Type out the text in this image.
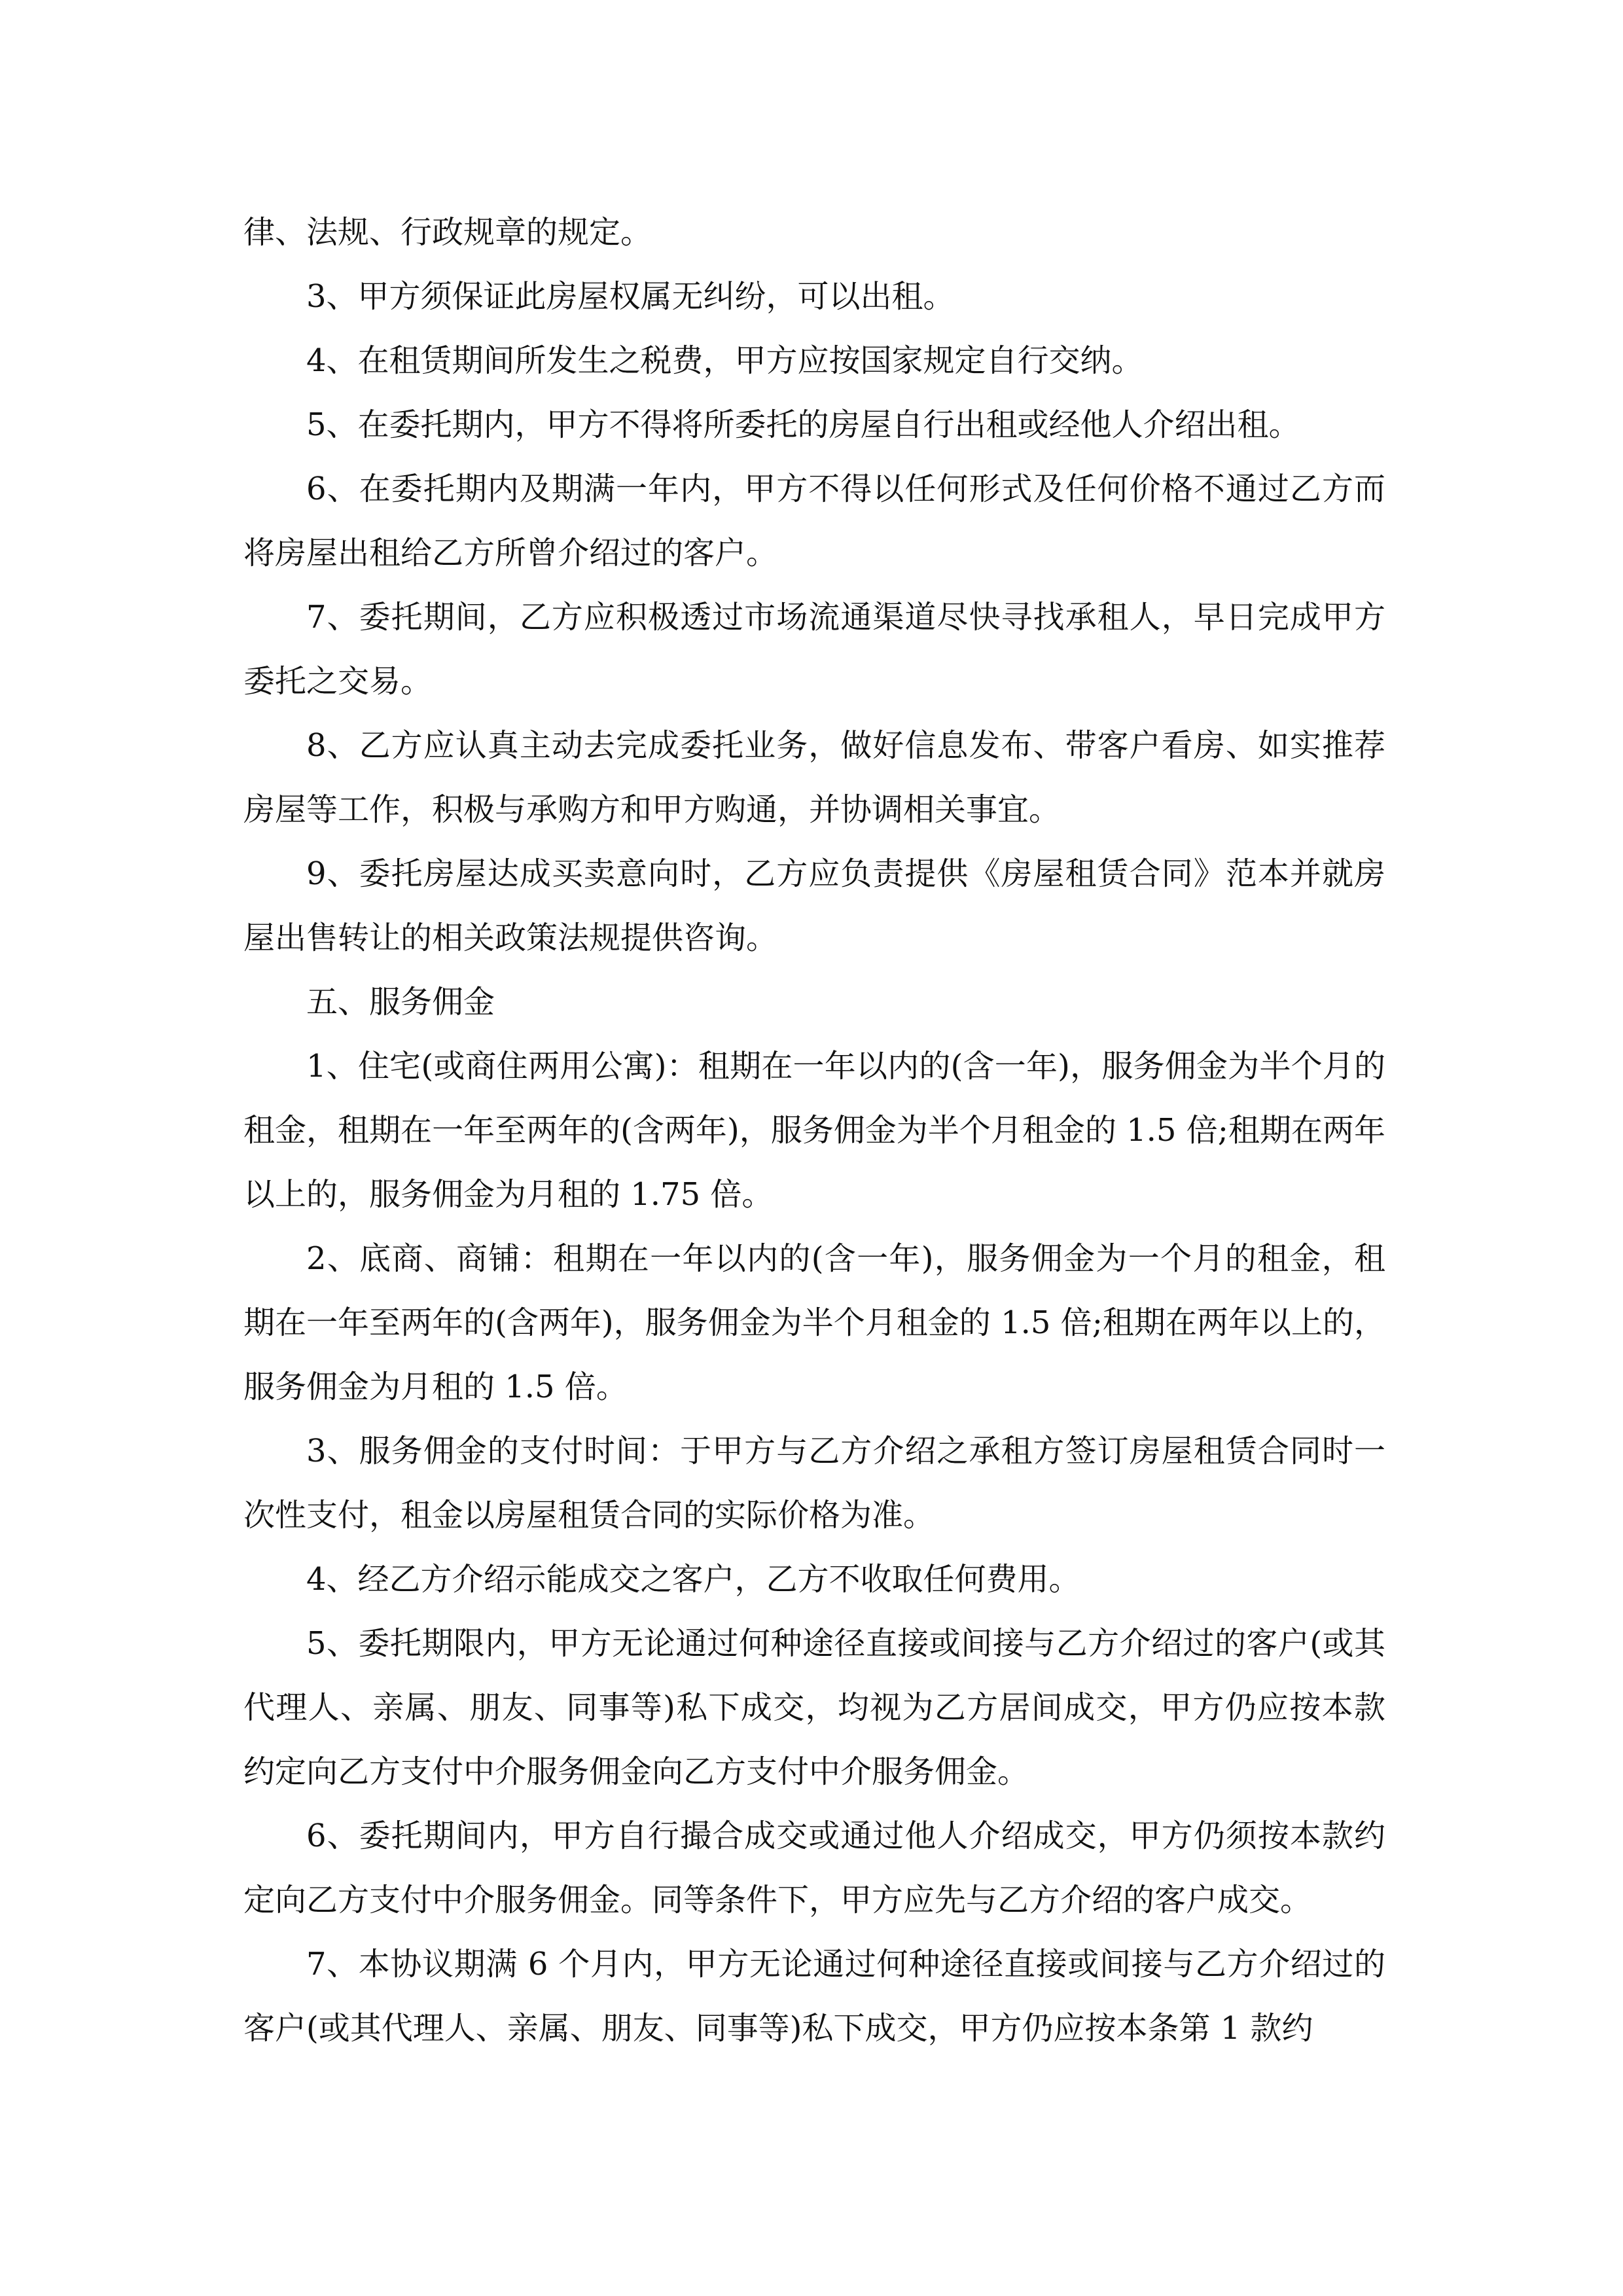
律、法规、行政规章的规定。

3、甲方须保证此房屋权属无纠纷，可以出租。

4、在租赁期间所发生之税费，甲方应按国家规定自行交纳。

5、在委托期内，甲方不得将所委托的房屋自行出租或经他人介绍出租。

6、在委托期内及期满一年内，甲方不得以任何形式及任何价格不通过乙方而将房屋出租给乙方所曾介绍过的客户。

7、委托期间，乙方应积极透过市场流通渠道尽快寻找承租人，早日完成甲方委托之交易。

8、乙方应认真主动去完成委托业务，做好信息发布、带客户看房、如实推荐房屋等工作，积极与承购方和甲方购通，并协调相关事宜。

9、委托房屋达成买卖意向时，乙方应负责提供《房屋租赁合同》范本并就房屋出售转让的相关政策法规提供咨询。

五、服务佣金

1、住宅(或商住两用公寓)：租期在一年以内的(含一年)，服务佣金为半个月的租金，租期在一年至两年的(含两年)，服务佣金为半个月租金的 1.5 倍;租期在两年以上的，服务佣金为月租的 1.75 倍。

2、底商、商铺：租期在一年以内的(含一年)，服务佣金为一个月的租金，租期在一年至两年的(含两年)，服务佣金为半个月租金的 1.5 倍;租期在两年以上的，服务佣金为月租的 1.5 倍。

3、服务佣金的支付时间：于甲方与乙方介绍之承租方签订房屋租赁合同时一次性支付，租金以房屋租赁合同的实际价格为准。

4、经乙方介绍示能成交之客户，乙方不收取任何费用。

5、委托期限内，甲方无论通过何种途径直接或间接与乙方介绍过的客户(或其代理人、亲属、朋友、同事等)私下成交，均视为乙方居间成交，甲方仍应按本款约定向乙方支付中介服务佣金向乙方支付中介服务佣金。

6、委托期间内，甲方自行撮合成交或通过他人介绍成交，甲方仍须按本款约定向乙方支付中介服务佣金。同等条件下，甲方应先与乙方介绍的客户成交。

7、本协议期满 6 个月内，甲方无论通过何种途径直接或间接与乙方介绍过的客户(或其代理人、亲属、朋友、同事等)私下成交，甲方仍应按本条第 1 款约
